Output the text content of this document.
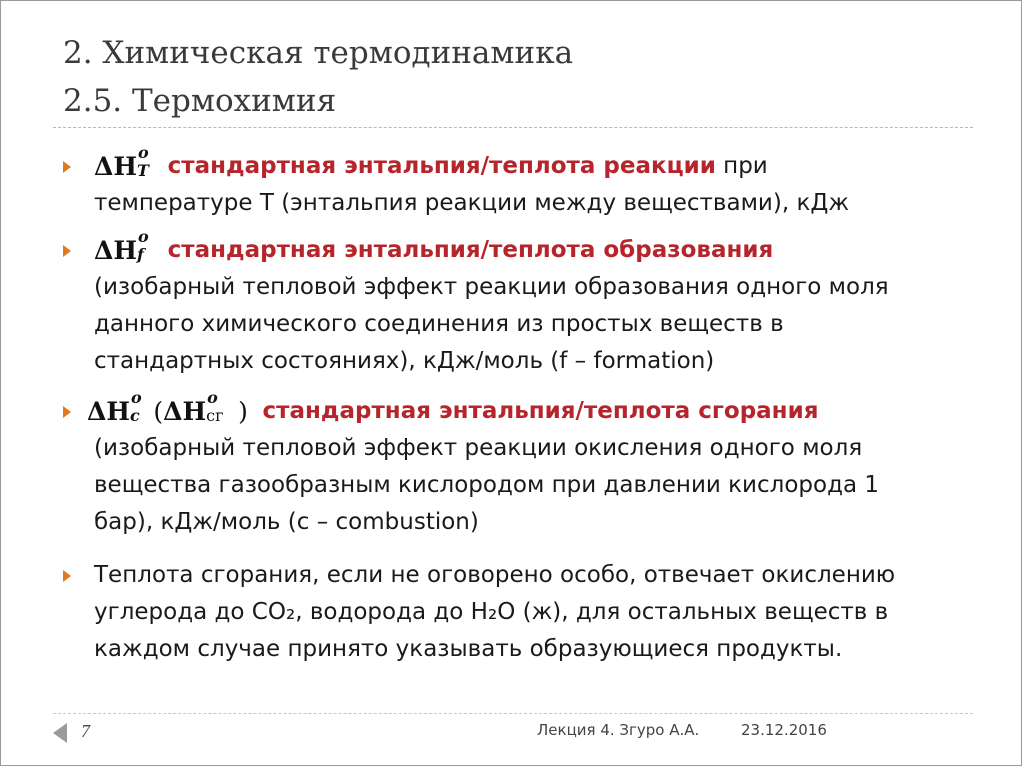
2. Химическая термодинамика
2.5. Термохимия
ΔH o
T стандартная энтальпия/теплота реакции при
температуре Т (энтальпия реакции между веществами), кДж
ΔH o
f стандартная энтальпия/теплота образования
(изобарный тепловой эффект реакции образования одного моля
данного химического соединения из простых веществ в
стандартных состояниях), кДж/моль (f – formation)
ΔH o
c (ΔH o
сг ) стандартная энтальпия/теплота сгорания
(изобарный тепловой эффект реакции окисления одного моля
вещества газообразным кислородом при давлении кислорода 1
бар), кДж/моль (c – combustion)
Теплота сгорания, если не оговорено особо, отвечает окислению
углерода до CO₂, водорода до H₂O (ж), для остальных веществ в
каждом случае принято указывать образующиеся продукты.
7	Лекция 4. Згуро А.А.	23.12.2016
